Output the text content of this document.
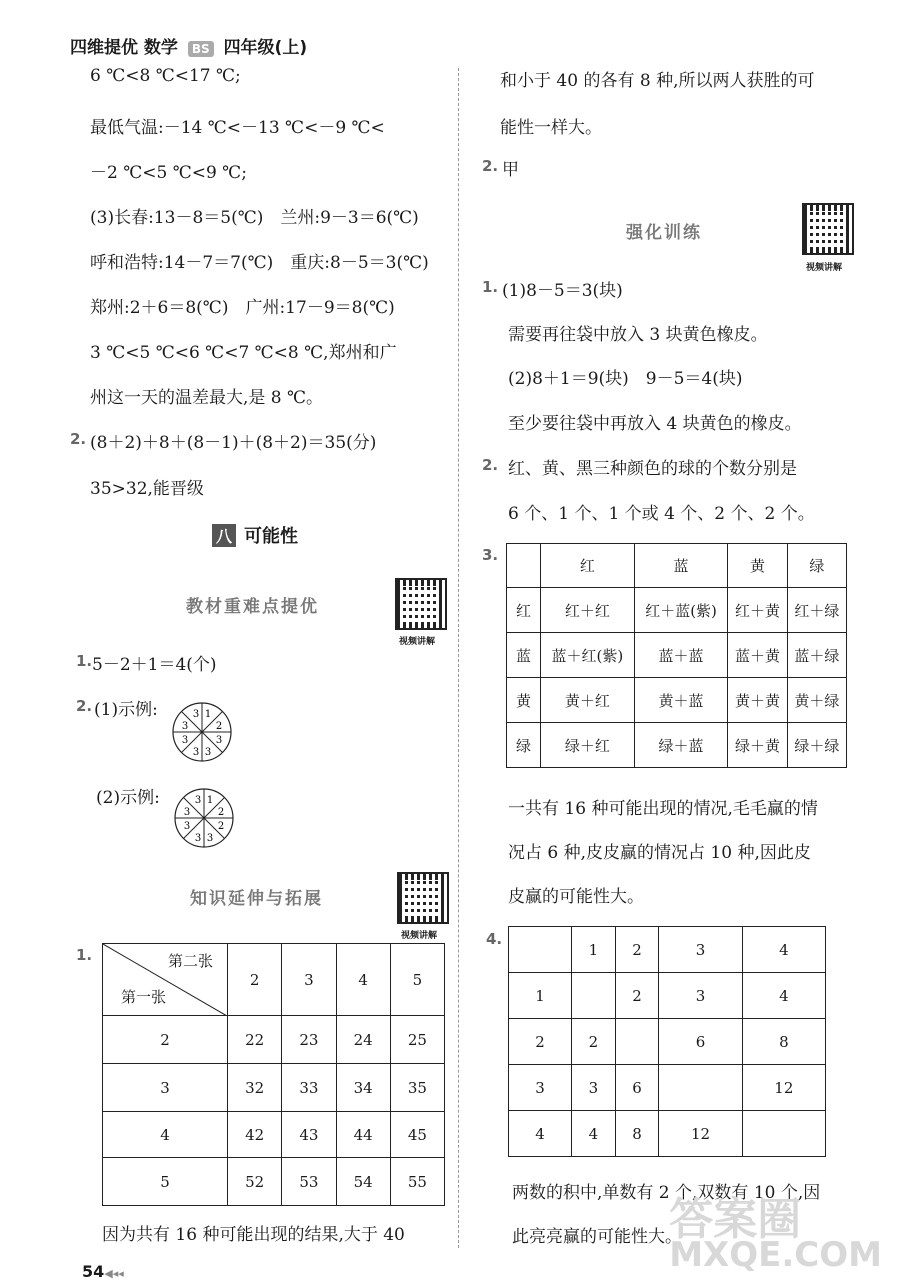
四维提优 数学 BS 四年级(上)
6 ℃<8 ℃<17 ℃;
最低气温:－14 ℃<－13 ℃<－9 ℃<
－2 ℃<5 ℃<9 ℃;
(3)长春:13－8＝5(℃)　兰州:9－3＝6(℃)
呼和浩特:14－7＝7(℃)　重庆:8－5＝3(℃)
郑州:2＋6＝8(℃)　广州:17－9＝8(℃)
3 ℃<5 ℃<6 ℃<7 ℃<8 ℃,郑州和广
州这一天的温差最大,是 8 ℃。
2. (8＋2)＋8＋(8－1)＋(8＋2)＝35(分)
35>32,能晋级
八 可能性
教材重难点提优
视频讲解
1. 5－2＋1＝4(个)
2. (1)示例:	3 1
2
3
3
3
3
3
(2)示例:	3 1
2
2
3
3
3
3
知识延伸与拓展
视频讲解
1.	第二张
第一张	2	3	4	5
2	22	23	24	25
3	32	33	34	35
4	42	43	44	45
5	52	53	54	55
因为共有 16 种可能出现的结果,大于 40
54◀◂◂
和小于 40 的各有 8 种,所以两人获胜的可
能性一样大。
2. 甲
强化训练
视频讲解
1. (1)8－5＝3(块)
需要再往袋中放入 3 块黄色橡皮。
(2)8＋1＝9(块)　9－5＝4(块)
至少要往袋中再放入 4 块黄色的橡皮。
2. 红、黄、黑三种颜色的球的个数分别是
6 个、1 个、1 个或 4 个、2 个、2 个。
3.
	红	蓝	黄	绿
红	红＋红	红＋蓝(紫)	红＋黄	红＋绿
蓝	蓝＋红(紫)	蓝＋蓝	蓝＋黄	蓝＋绿
黄	黄＋红	黄＋蓝	黄＋黄	黄＋绿
绿	绿＋红	绿＋蓝	绿＋黄	绿＋绿
一共有 16 种可能出现的情况,毛毛赢的情
况占 6 种,皮皮赢的情况占 10 种,因此皮
皮赢的可能性大。
4.
	1	2	3	4
1		2	3	4
2	2		6	8
3	3	6		12
4	4	8	12	
两数的积中,单数有 2 个,双数有 10 个,因
此亮亮赢的可能性大。
答案圈
MXQE.COM
